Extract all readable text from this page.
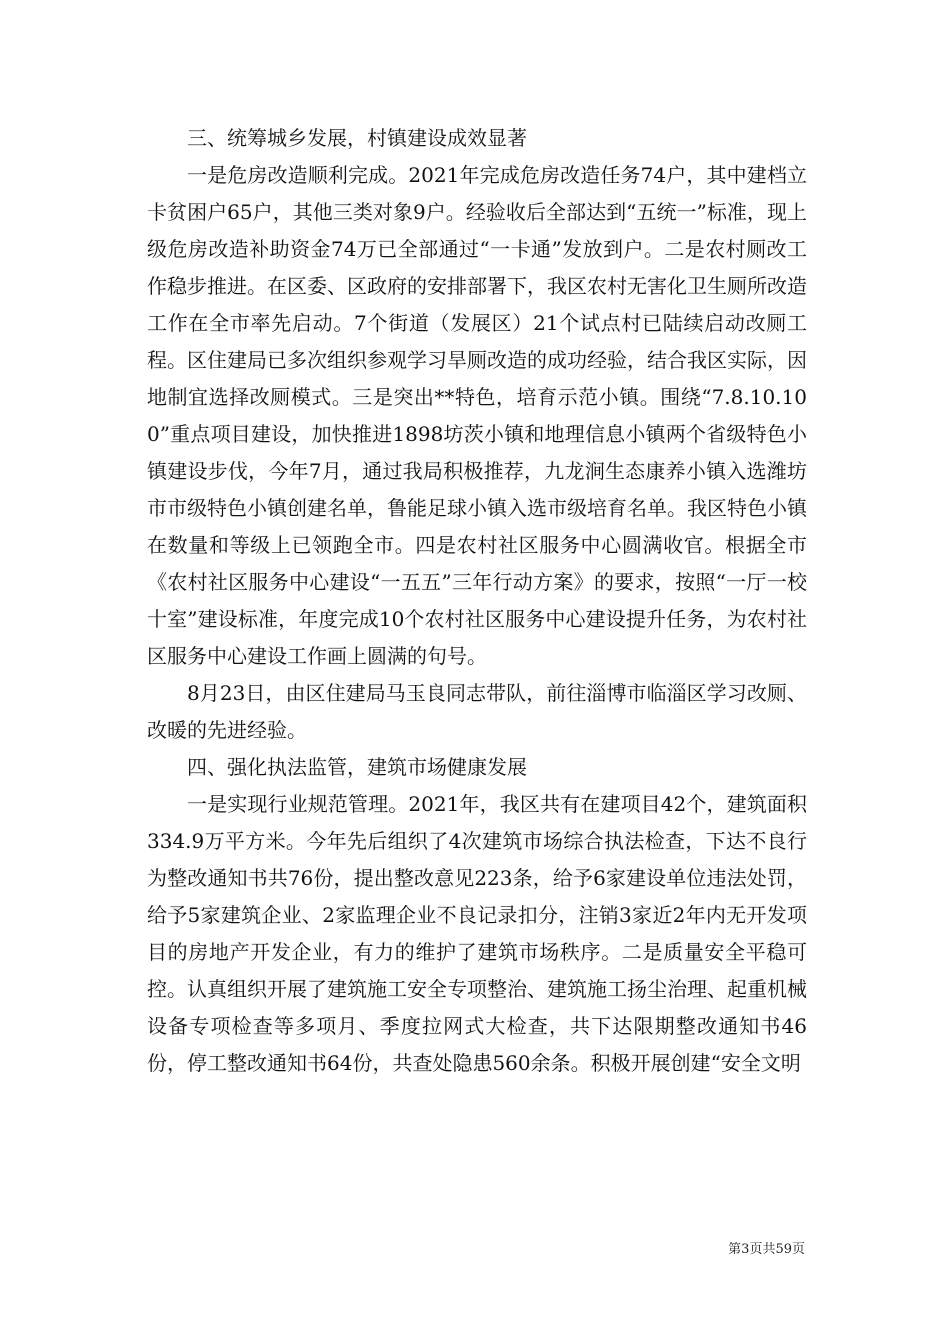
三、统筹城乡发展，村镇建设成效显著

一是危房改造顺利完成。2021年完成危房改造任务74户，其中建档立卡贫困户65户，其他三类对象9户。经验收后全部达到“五统一”标准，现上级危房改造补助资金74万已全部通过“一卡通”发放到户。二是农村厕改工作稳步推进。在区委、区政府的安排部署下，我区农村无害化卫生厕所改造工作在全市率先启动。7个街道（发展区）21个试点村已陆续启动改厕工程。区住建局已多次组织参观学习旱厕改造的成功经验，结合我区实际，因地制宜选择改厕模式。三是突出**特色，培育示范小镇。围绕“7.8.10.100”重点项目建设，加快推进1898坊茨小镇和地理信息小镇两个省级特色小镇建设步伐，今年7月，通过我局积极推荐，九龙涧生态康养小镇入选潍坊市市级特色小镇创建名单，鲁能足球小镇入选市级培育名单。我区特色小镇在数量和等级上已领跑全市。四是农村社区服务中心圆满收官。根据全市《农村社区服务中心建设“一五五”三年行动方案》的要求，按照“一厅一校十室”建设标准，年度完成10个农村社区服务中心建设提升任务，为农村社区服务中心建设工作画上圆满的句号。

8月23日，由区住建局马玉良同志带队，前往淄博市临淄区学习改厕、改暖的先进经验。

四、强化执法监管，建筑市场健康发展

一是实现行业规范管理。2021年，我区共有在建项目42个，建筑面积334.9万平方米。今年先后组织了4次建筑市场综合执法检查，下达不良行为整改通知书共76份，提出整改意见223条，给予6家建设单位违法处罚，给予5家建筑企业、2家监理企业不良记录扣分，注销3家近2年内无开发项目的房地产开发企业，有力的维护了建筑市场秩序。二是质量安全平稳可控。认真组织开展了建筑施工安全专项整治、建筑施工扬尘治理、起重机械设备专项检查等多项月、季度拉网式大检查，共下达限期整改通知书46份，停工整改通知书64份，共查处隐患560余条。积极开展创建“安全文明

第3页共59页
